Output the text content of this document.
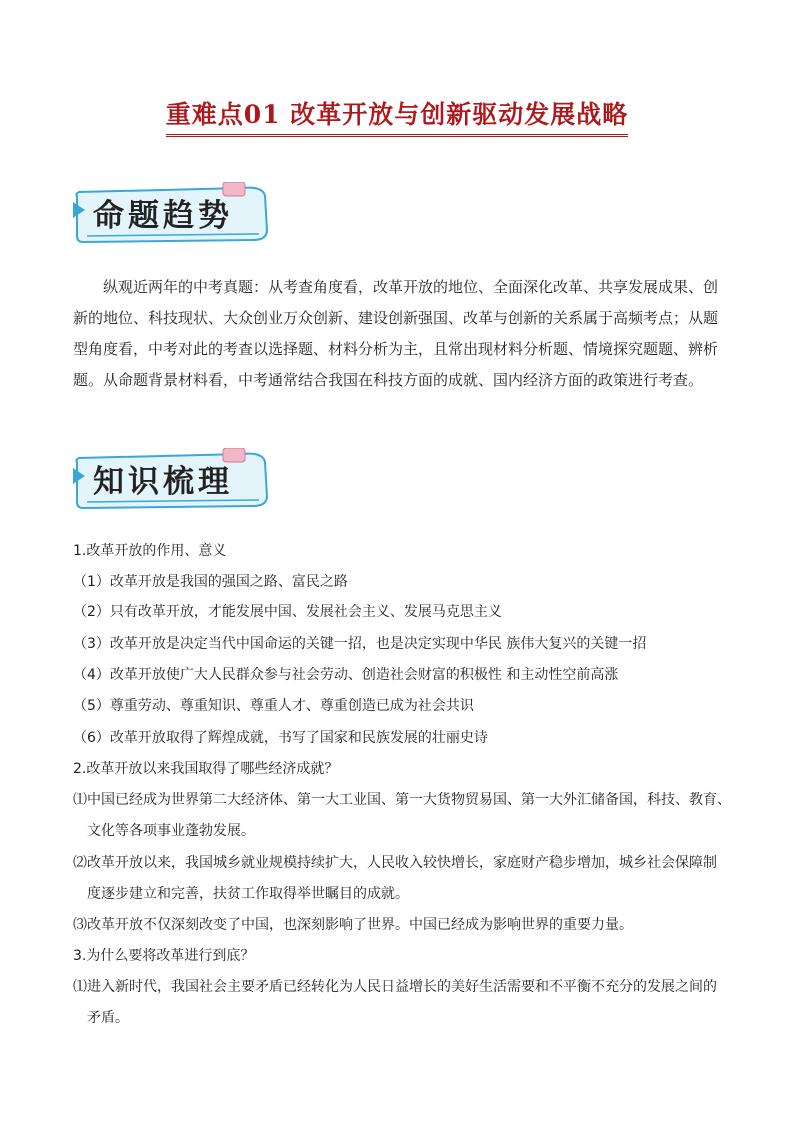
重难点01 改革开放与创新驱动发展战略
命题趋势

纵观近两年的中考真题：从考查角度看，改革开放的地位、全面深化改革、共享发展成果、创新的地位、科技现状、大众创业万众创新、建设创新强国、改革与创新的关系属于高频考点；从题型角度看，中考对此的考查以选择题、材料分析为主，且常出现材料分析题、情境探究题题、辨析题。从命题背景材料看，中考通常结合我国在科技方面的成就、国内经济方面的政策进行考查。

知识梳理
1.改革开放的作用、意义
（1）改革开放是我国的强国之路、富民之路
（2）只有改革开放，才能发展中国、发展社会主义、发展马克思主义
（3）改革开放是决定当代中国命运的关键一招，也是决定实现中华民 族伟大复兴的关键一招
（4）改革开放使广大人民群众参与社会劳动、创造社会财富的积极性 和主动性空前高涨
（5）尊重劳动、尊重知识、尊重人才、尊重创造已成为社会共识
（6）改革开放取得了辉煌成就，书写了国家和民族发展的壮丽史诗
2.改革开放以来我国取得了哪些经济成就？
⑴中国已经成为世界第二大经济体、第一大工业国、第一大货物贸易国、第一大外汇储备国，科技、教育、
文化等各项事业蓬勃发展。
⑵改革开放以来，我国城乡就业规模持续扩大，人民收入较快增长，家庭财产稳步增加，城乡社会保障制
度逐步建立和完善，扶贫工作取得举世瞩目的成就。
⑶改革开放不仅深刻改变了中国，也深刻影响了世界。中国已经成为影响世界的重要力量。
3.为什么要将改革进行到底？
⑴进入新时代，我国社会主要矛盾已经转化为人民日益增长的美好生活需要和不平衡不充分的发展之间的
矛盾。
